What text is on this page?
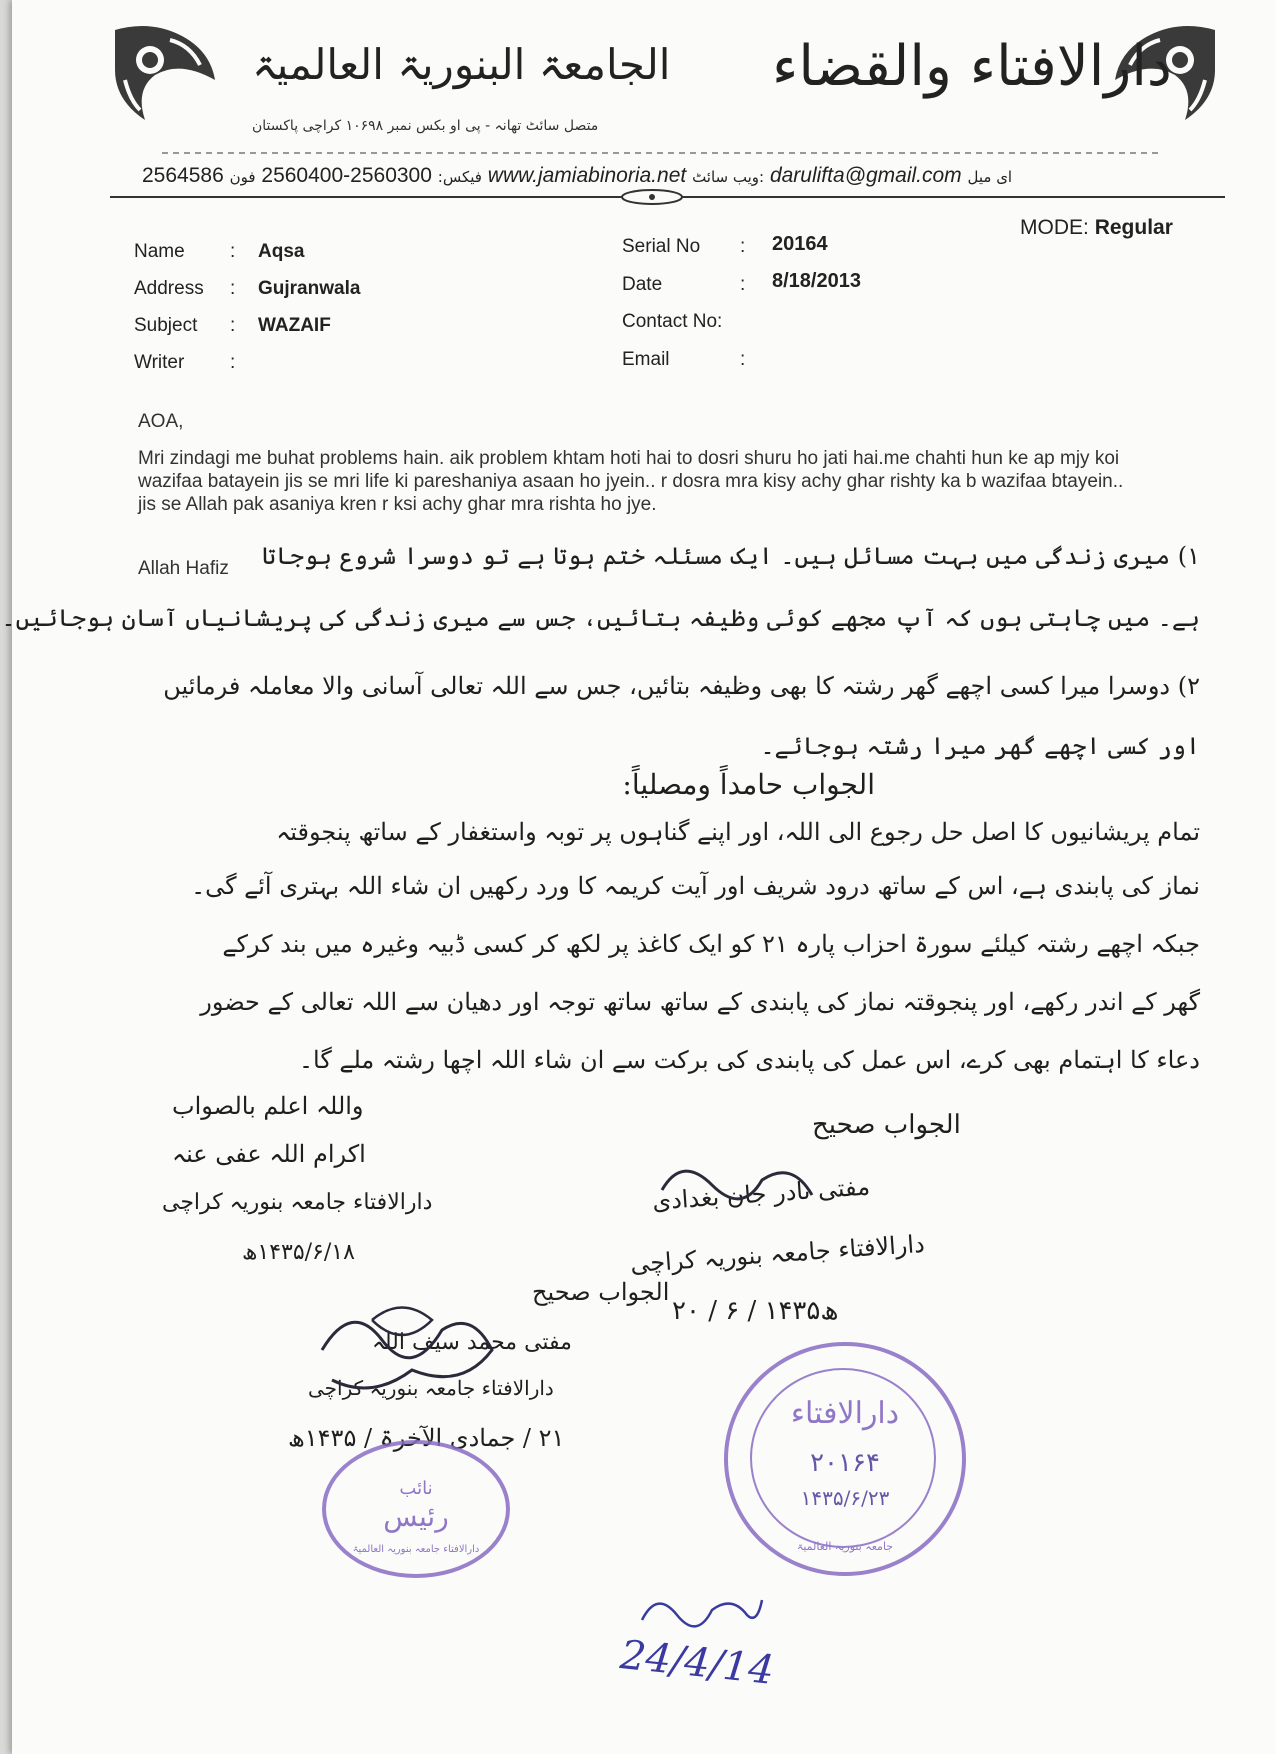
الجامعۃ البنوریۃ العالمیۃ
متصل سائٹ تھانہ - پی او بکس نمبر ۱۰۶۹۸ کراچی پاکستان
دارالافتاء والقضاء
2564586	فیکس: 2560300-2560400 فون	www.jamiabinoria.net ویب سائٹ: darulifta@gmail.com ای میل
MODE: Regular
Name : Aqsa
Address : Gujranwala
Subject : WAZAIF
Writer :
Serial No : 20164
Date	: 8/18/2013
Contact No:
Email	:
AOA,
Mri zindagi me buhat problems hain. aik problem khtam hoti hai to dosri shuru ho jati hai.me chahti hun ke ap mjy koi wazifaa batayein jis se mri life ki pareshaniya asaan ho jyein.. r dosra mra kisy achy ghar rishty ka b wazifaa btayein.. jis se Allah pak asaniya kren r ksi achy ghar mra rishta ho jye.
Allah Hafiz ۱) میری زندگی میں بہت مسائل ہیں۔ ایک مسئلہ ختم ہوتا ہے تو دوسرا شروع ہوجاتا
ہے۔ میں چاہتی ہوں کہ آپ مجھے کوئی وظیفہ بتائیں، جس سے میری زندگی کی پریشانیاں آسان ہوجائیں۔
۲) دوسرا میرا کسی اچھے گھر رشتہ کا بھی وظیفہ بتائیں، جس سے اللہ تعالی آسانی والا معاملہ فرمائیں
اور کسی اچھے گھر میرا رشتہ ہوجائے۔
الجواب حامداً ومصلیاً:
تمام پریشانیوں کا اصل حل رجوع الی اللہ، اور اپنے گناہوں پر توبہ واستغفار کے ساتھ پنجوقتہ
نماز کی پابندی ہے، اس کے ساتھ درود شریف اور آیت کریمہ کا ورد رکھیں ان شاء اللہ بہتری آئے گی۔
جبکہ اچھے رشتہ کیلئے سورۃ احزاب پارہ ۲۱ کو ایک کاغذ پر لکھ کر کسی ڈبیہ وغیرہ میں بند کرکے
گھر کے اندر رکھے، اور پنجوقتہ نماز کی پابندی کے ساتھ ساتھ توجہ اور دھیان سے اللہ تعالی کے حضور
دعاء کا اہتمام بھی کرے، اس عمل کی پابندی کی برکت سے ان شاء اللہ اچھا رشتہ ملے گا۔
واللہ اعلم بالصواب
اکرام اللہ عفی عنہ
دارالافتاء جامعہ بنوریہ کراچی
۱۴۳۵/۶/۱۸ھ
الجواب صحیح
مفتی نادر جان بغدادی
دارالافتاء جامعہ بنوریہ کراچی
۲۰ / ۶ / ۱۴۳۵ھ
الجواب صحیح
مفتی محمد سیف اللہ
دارالافتاء جامعہ بنوریہ کراچی
۲۱ / جمادی الآخرۃ / ۱۴۳۵ھ
نائب
رئیس
دارالافتاء جامعہ بنوریہ العالمیۃ
دارالافتاء
۲۰۱۶۴
۱۴۳۵/۶/۲۳
جامعہ بنوریہ العالمیۃ
24/4/14
